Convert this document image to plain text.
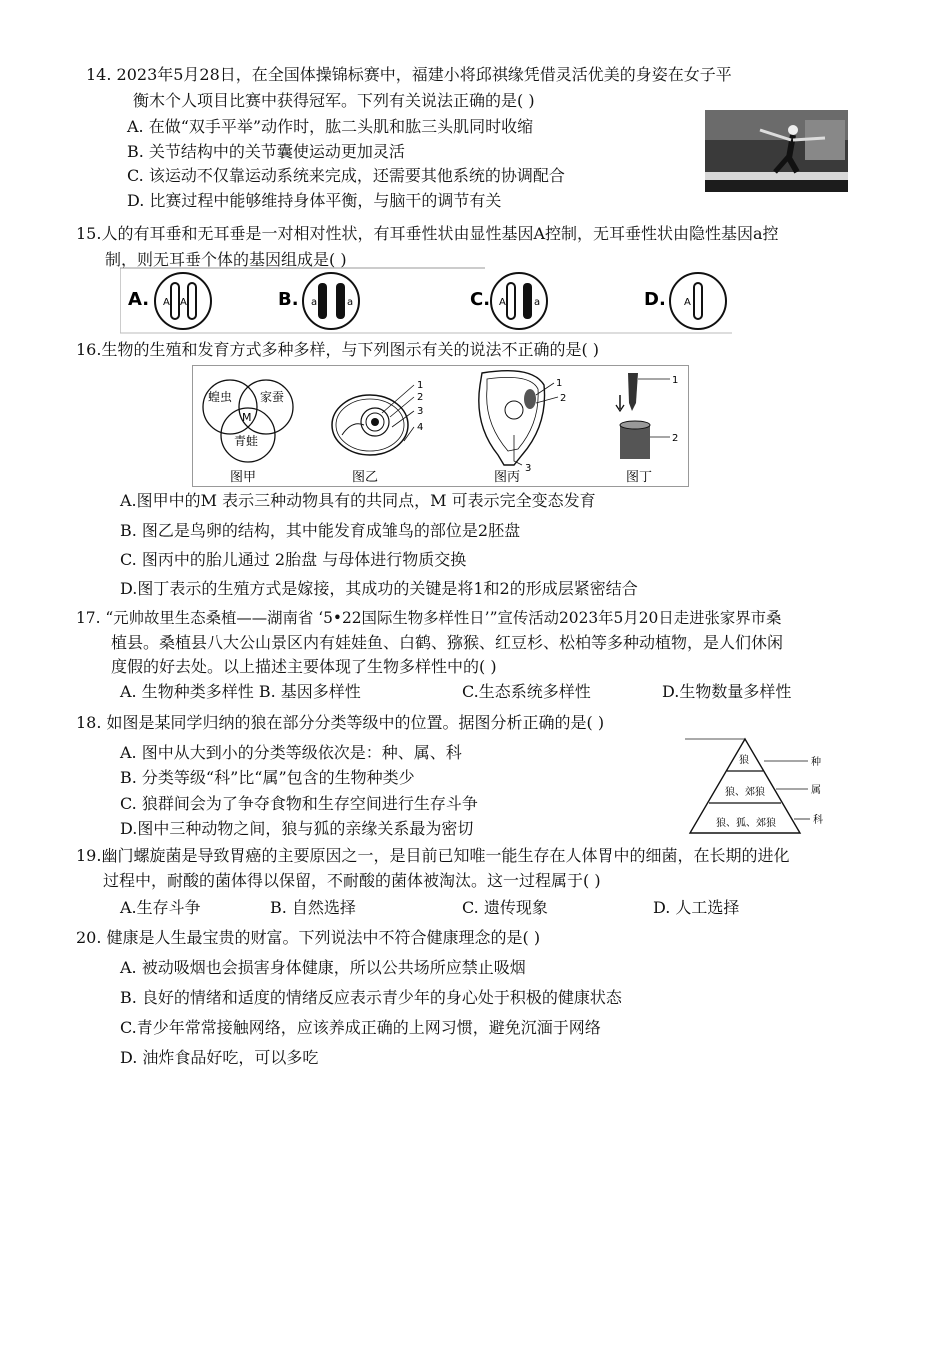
14. 2023年5月28日，在全国体操锦标赛中，福建小将邱祺缘凭借灵活优美的身姿在女子平
衡木个人项目比赛中获得冠军。下列有关说法正确的是( )
A. 在做“双手平举”动作时，肱二头肌和肱三头肌同时收缩
B. 关节结构中的关节囊使运动更加灵活
C. 该运动不仅靠运动系统来完成，还需要其他系统的协调配合
D. 比赛过程中能够维持身体平衡，与脑干的调节有关
15.人的有耳垂和无耳垂是一对相对性状，有耳垂性状由显性基因A控制，无耳垂性状由隐性基因a控
制，则无耳垂个体的基因组成是( )
A. A A	B. a	a	C. A	a	D. A
16.生物的生殖和发育方式多种多样，与下列图示有关的说法不正确的是( )
蝗虫 家蚕
青蛙
M
图甲
1
2
3
4
图乙
1
2
3
图丙
1
2
图丁
A.图甲中的M 表示三种动物具有的共同点，M 可表示完全变态发育
B. 图乙是鸟卵的结构，其中能发育成雏鸟的部位是2胚盘
C. 图丙中的胎儿通过 2胎盘 与母体进行物质交换
D.图丁表示的生殖方式是嫁接，其成功的关键是将1和2的形成层紧密结合
17. “元帅故里生态桑植——湖南省 ‘5•22国际生物多样性日’”宣传活动2023年5月20日走进张家界市桑
植县。桑植县八大公山景区内有娃娃鱼、白鹤、猕猴、红豆杉、松柏等多种动植物，是人们休闲
度假的好去处。以上描述主要体现了生物多样性中的( )
A. 生物种类多样性 B. 基因多样性	C.生态系统多样性	D.生物数量多样性
18. 如图是某同学归纳的狼在部分分类等级中的位置。据图分析正确的是( )
A. 图中从大到小的分类等级依次是：种、属、科
B. 分类等级“科”比“属”包含的生物种类少
C. 狼群间会为了争夺食物和生存空间进行生存斗争
D.图中三种动物之间，狼与狐的亲缘关系最为密切
狼
狼、郊狼
狼、狐、郊狼
种
属
科
19.幽门螺旋菌是导致胃癌的主要原因之一，是目前已知唯一能生存在人体胃中的细菌，在长期的进化
过程中，耐酸的菌体得以保留，不耐酸的菌体被淘汰。这一过程属于( )
A.生存斗争	B. 自然选择	C. 遗传现象	D. 人工选择
20. 健康是人生最宝贵的财富。下列说法中不符合健康理念的是( )
A. 被动吸烟也会损害身体健康，所以公共场所应禁止吸烟
B. 良好的情绪和适度的情绪反应表示青少年的身心处于积极的健康状态
C.青少年常常接触网络，应该养成正确的上网习惯，避免沉湎于网络
D. 油炸食品好吃，可以多吃
